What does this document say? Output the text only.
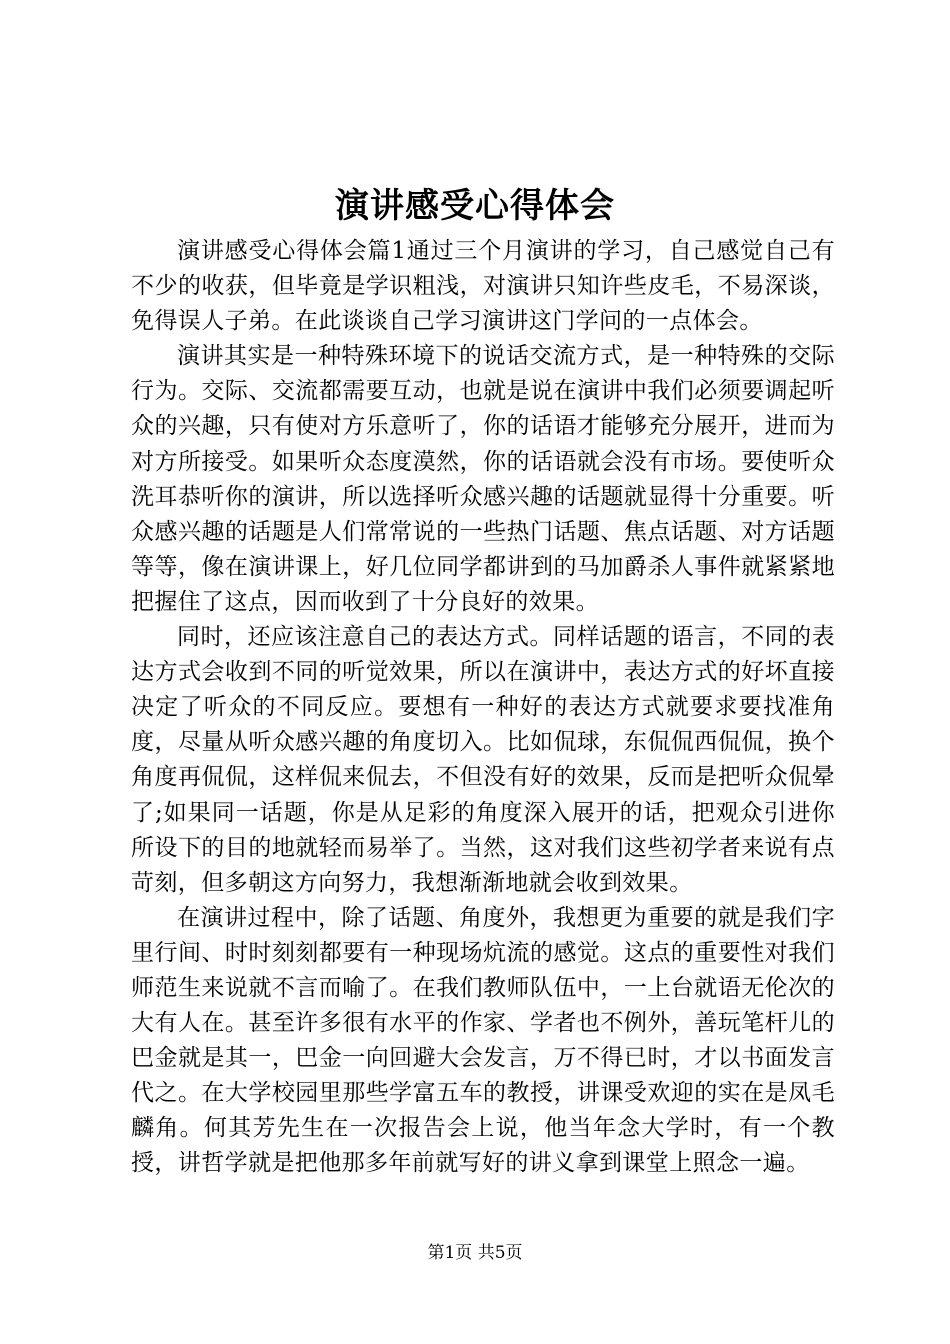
演讲感受心得体会

演讲感受心得体会篇1通过三个月演讲的学习，自己感觉自己有不少的收获，但毕竟是学识粗浅，对演讲只知许些皮毛，不易深谈，免得误人子弟。在此谈谈自己学习演讲这门学问的一点体会。

演讲其实是一种特殊环境下的说话交流方式，是一种特殊的交际行为。交际、交流都需要互动，也就是说在演讲中我们必须要调起听众的兴趣，只有使对方乐意听了，你的话语才能够充分展开，进而为对方所接受。如果听众态度漠然，你的话语就会没有市场。要使听众洗耳恭听你的演讲，所以选择听众感兴趣的话题就显得十分重要。听众感兴趣的话题是人们常常说的一些热门话题、焦点话题、对方话题等等，像在演讲课上，好几位同学都讲到的马加爵杀人事件就紧紧地把握住了这点，因而收到了十分良好的效果。

同时，还应该注意自己的表达方式。同样话题的语言，不同的表达方式会收到不同的听觉效果，所以在演讲中，表达方式的好坏直接决定了听众的不同反应。要想有一种好的表达方式就要求要找准角度，尽量从听众感兴趣的角度切入。比如侃球，东侃侃西侃侃，换个角度再侃侃，这样侃来侃去，不但没有好的效果，反而是把听众侃晕了;如果同一话题，你是从足彩的角度深入展开的话，把观众引进你所设下的目的地就轻而易举了。当然，这对我们这些初学者来说有点苛刻，但多朝这方向努力，我想渐渐地就会收到效果。

在演讲过程中，除了话题、角度外，我想更为重要的就是我们字里行间、时时刻刻都要有一种现场炕流的感觉。这点的重要性对我们师范生来说就不言而喻了。在我们教师队伍中，一上台就语无伦次的大有人在。甚至许多很有水平的作家、学者也不例外，善玩笔杆儿的巴金就是其一，巴金一向回避大会发言，万不得已时，才以书面发言代之。在大学校园里那些学富五车的教授，讲课受欢迎的实在是凤毛麟角。何其芳先生在一次报告会上说，他当年念大学时，有一个教授，讲哲学就是把他那多年前就写好的讲义拿到课堂上照念一遍。

第1页 共5页
